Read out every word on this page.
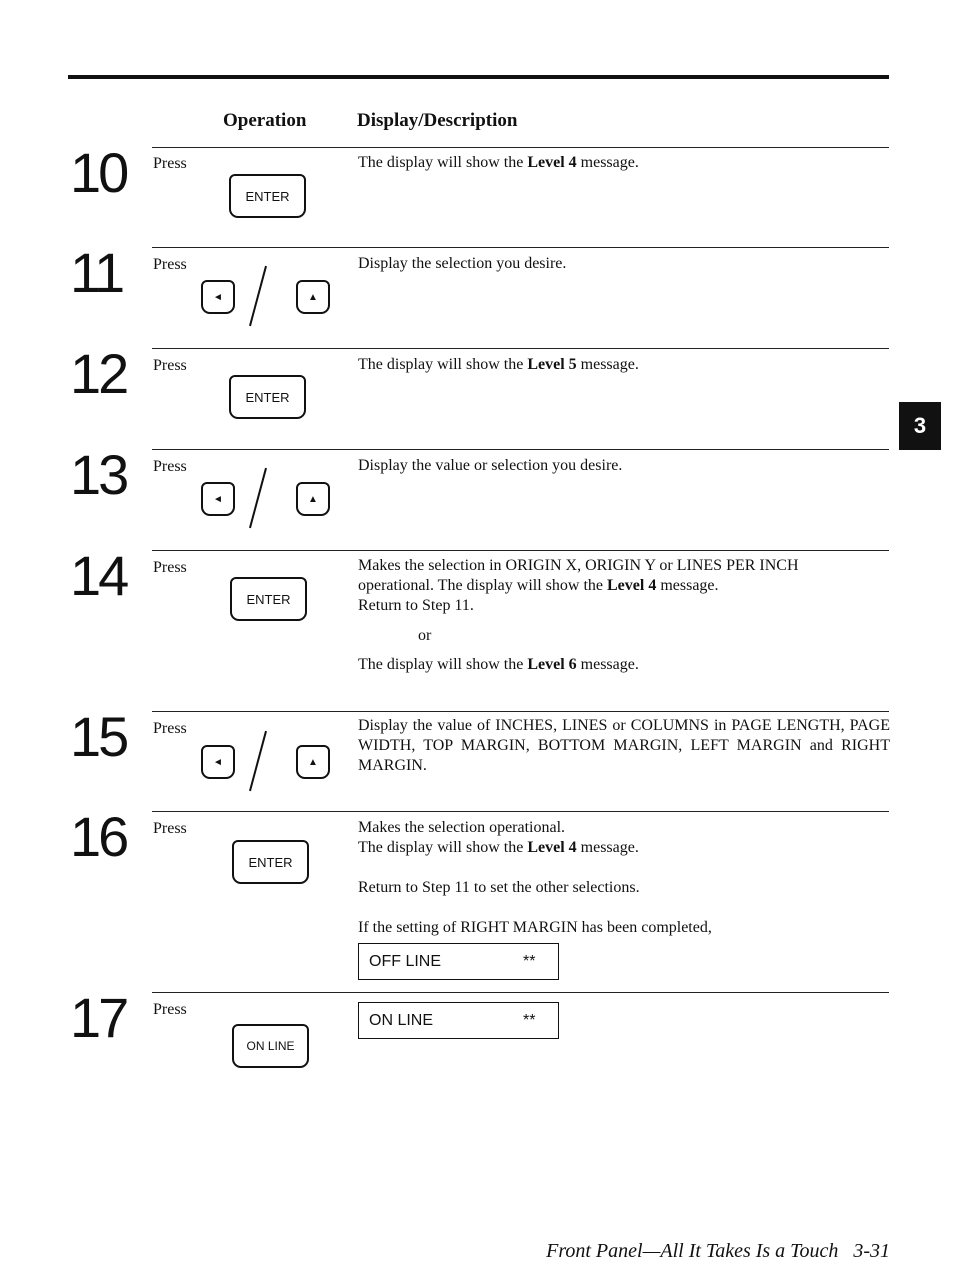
Operation	Display/Description
3
10 Press
ENTER

The display will show the Level 4 message.

11 Press
◄	▲
Display the selection you desire.
12 Press
ENTER

The display will show the Level 5 message.

13 Press
◄	▲
Display the value or selection you desire.
14 Press
ENTER

Makes the selection in ORIGIN X, ORIGIN Y or LINES PER INCH

operational. The display will show the Level 4 message.

Return to Step 11.

or

The display will show the Level 6 message.

15 Press
◄	▲
Display the value of INCHES, LINES or COLUMNS in PAGE LENGTH, PAGE WIDTH, TOP MARGIN, BOTTOM MARGIN, LEFT MARGIN and RIGHT MARGIN.
16 Press
ENTER

Makes the selection operational.

The display will show the Level 4 message.

Return to Step 11 to set the other selections.

If the setting of RIGHT MARGIN has been completed,

OFF LINE	**
17 Press
ON LINE
ON LINE	**
Front Panel—All It Takes Is a Touch   3-31
